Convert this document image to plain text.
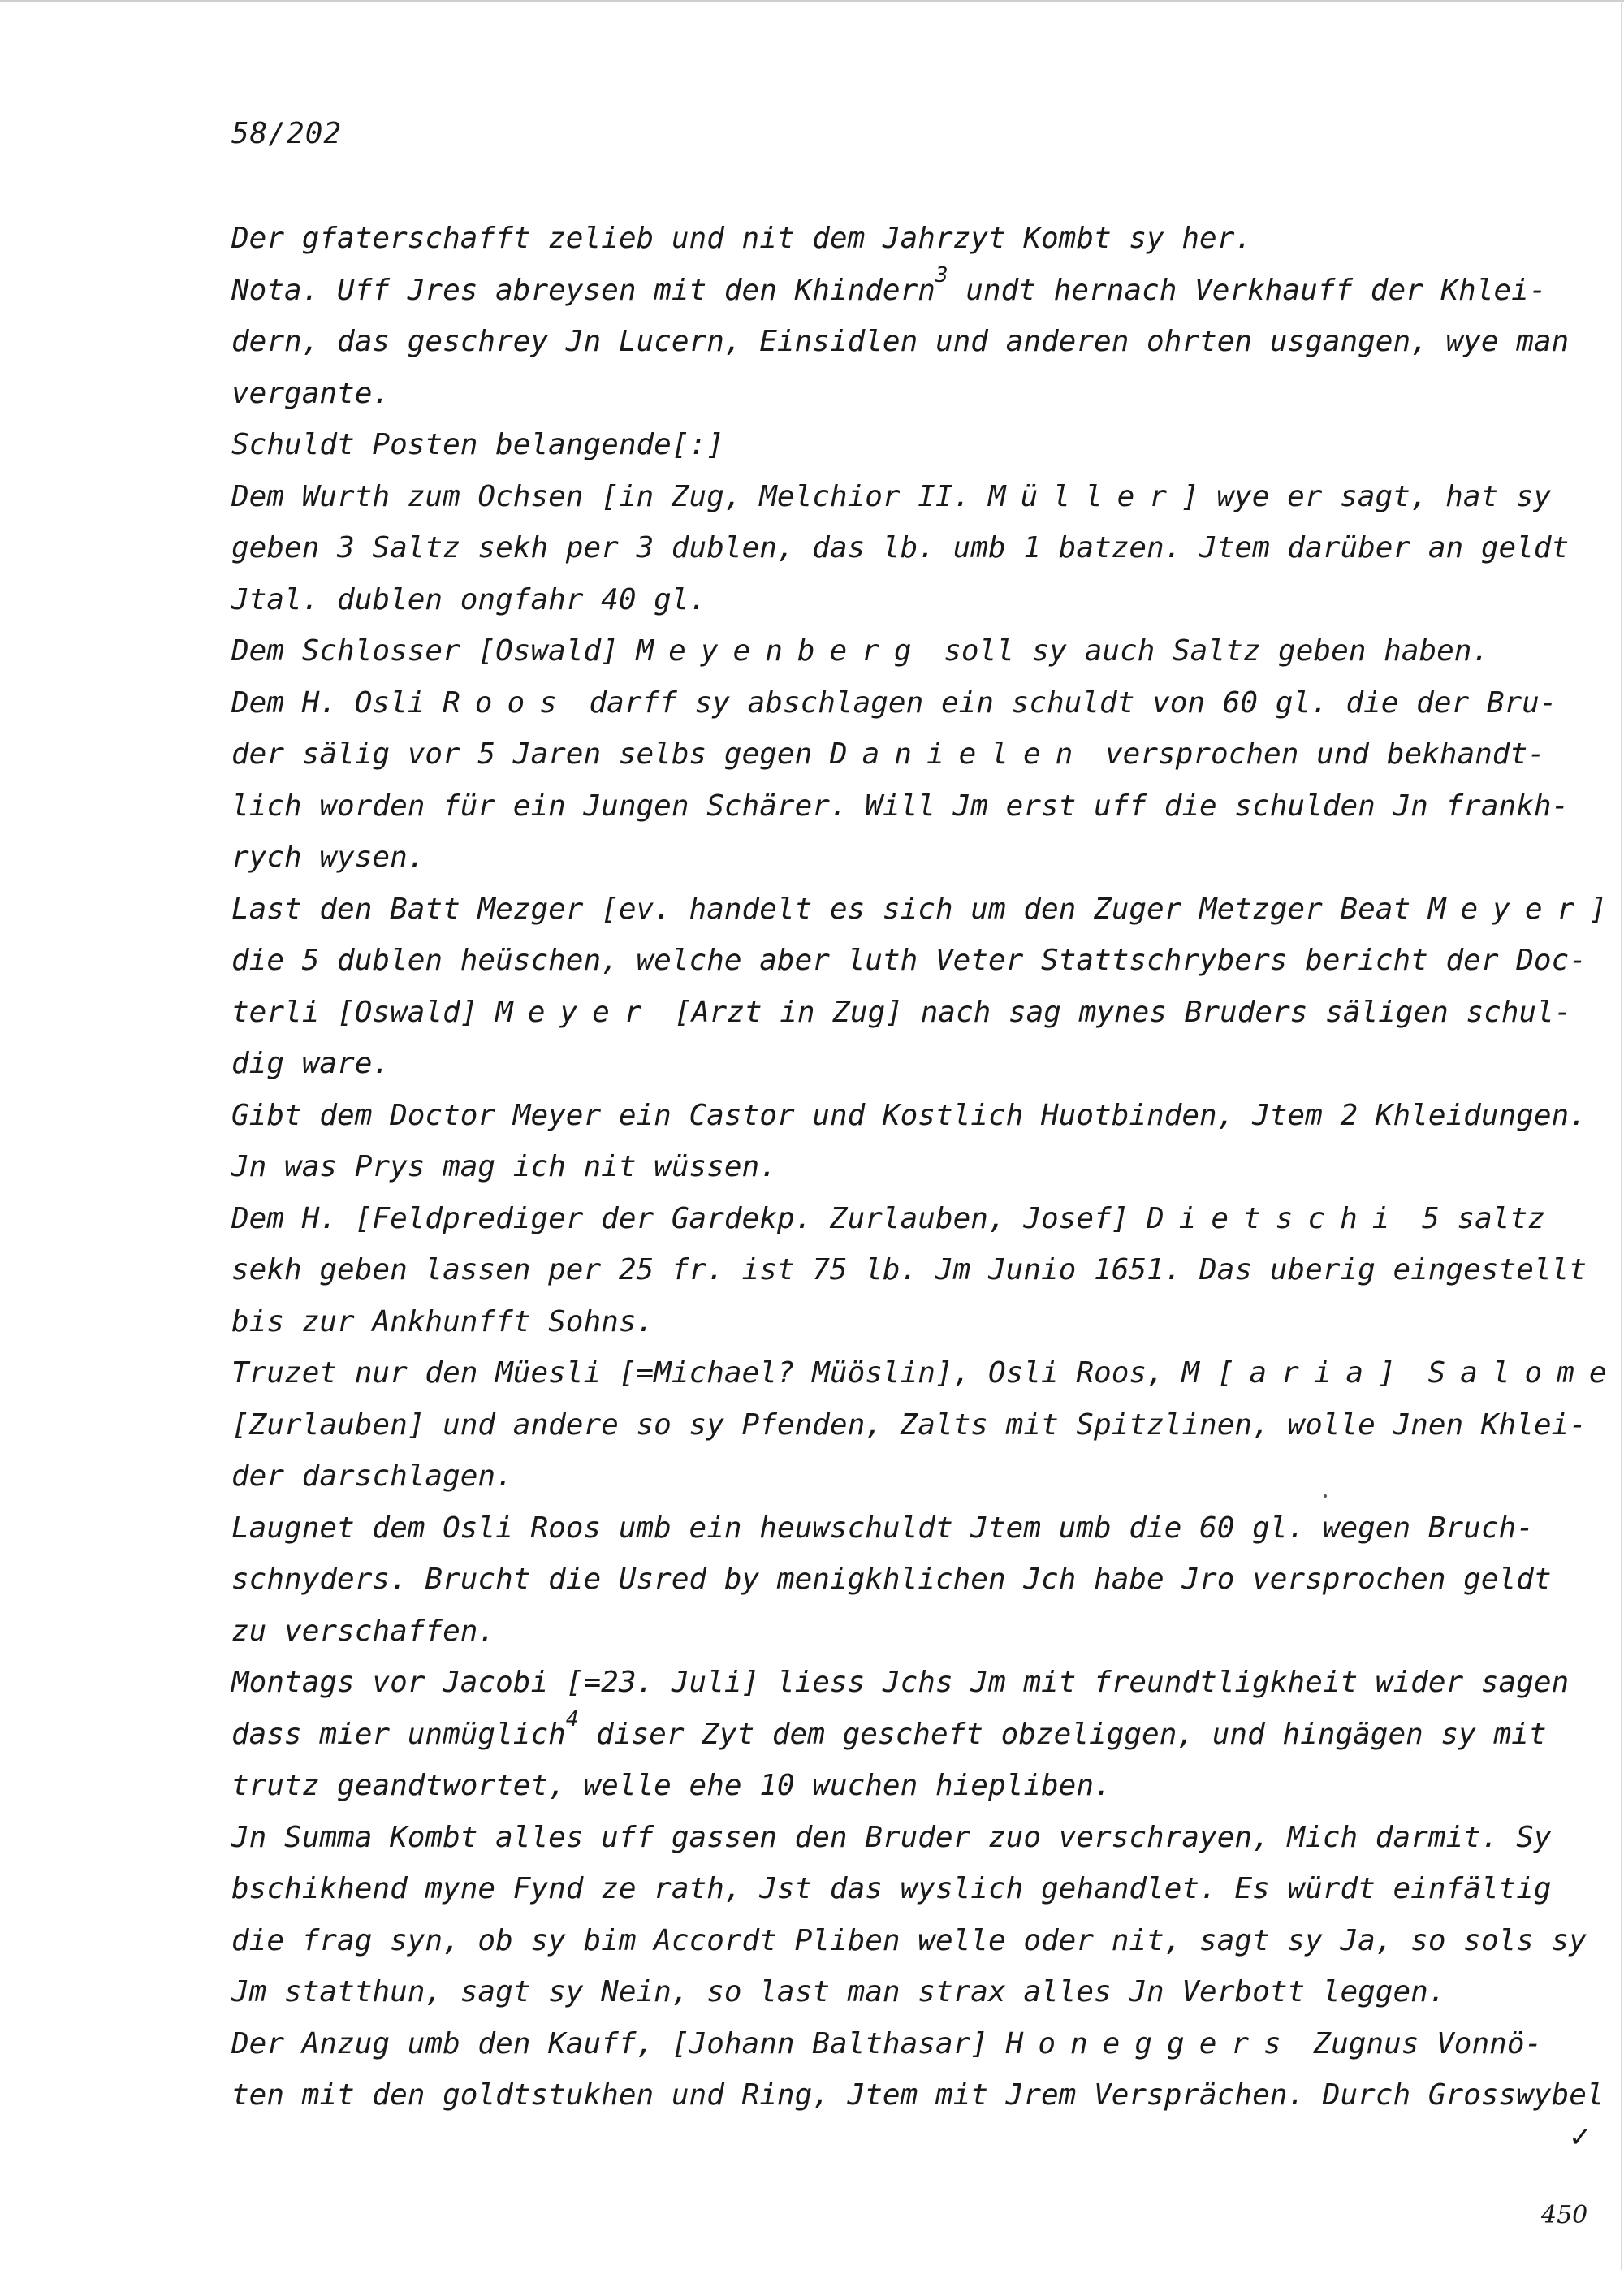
58/202
Der gfaterschafft zelieb und nit dem Jahrzyt Kombt sy her.
Nota. Uff Jres abreysen mit den Khindern$^3$ undt hernach Verkhauff der Khlei-
dern, das geschrey Jn Lucern, Einsidlen und anderen ohrten usgangen, wye man
vergante.
Schuldt Posten belangende[:]
Dem Wurth zum Ochsen [in Zug, Melchior II. Müller] wye er sagt, hat sy
geben 3 Saltz sekh per 3 dublen, das lb. umb 1 batzen. Jtem darüber an geldt
Jtal. dublen ongfahr 40 gl.
Dem Schlosser [Oswald] Meyenberg soll sy auch Saltz geben haben.
Dem H. Osli Roos darff sy abschlagen ein schuldt von 60 gl. die der Bru-
der sälig vor 5 Jaren selbs gegen Danielen versprochen und bekhandt-
lich worden für ein Jungen Schärer. Will Jm erst uff die schulden Jn frankh-
rych wysen.
Last den Batt Mezger [ev. handelt es sich um den Zuger Metzger Beat Meyer]
die 5 dublen heüschen, welche aber luth Veter Stattschrybers bericht der Doc-
terli [Oswald] Meyer [Arzt in Zug] nach sag mynes Bruders säligen schul-
dig ware.
Gibt dem Doctor Meyer ein Castor und Kostlich Huotbinden, Jtem 2 Khleidungen.
Jn was Prys mag ich nit wüssen.
Dem H. [Feldprediger der Gardekp. Zurlauben, Josef] Dietschi 5 saltz
sekh geben lassen per 25 fr. ist 75 lb. Jm Junio 1651. Das uberig eingestellt
bis zur Ankhunfft Sohns.
Truzet nur den Müesli [=Michael? Müöslin], Osli Roos, M [aria] Salome
[Zurlauben] und andere so sy Pfenden, Zalts mit Spitzlinen, wolle Jnen Khlei-
der darschlagen.
Laugnet dem Osli Roos umb ein heuwschuldt Jtem umb die 60 gl. wegen Bruch-
schnyders. Brucht die Usred by menigkhlichen Jch habe Jro versprochen geldt
zu verschaffen.
Montags vor Jacobi [=23. Juli] liess Jchs Jm mit freundtligkheit wider sagen
dass mier unmüglich$^4$ diser Zyt dem gescheft obzeliggen, und hingägen sy mit
trutz geandtwortet, welle ehe 10 wuchen hiepliben.
Jn Summa Kombt alles uff gassen den Bruder zuo verschrayen, Mich darmit. Sy
bschikhend myne Fynd ze rath, Jst das wyslich gehandlet. Es würdt einfältig
die frag syn, ob sy bim Accordt Pliben welle oder nit, sagt sy Ja, so sols sy
Jm statthun, sagt sy Nein, so last man strax alles Jn Verbott leggen.
Der Anzug umb den Kauff, [Johann Balthasar] Honeggers Zugnus Vonnö-
ten mit den goldtstukhen und Ring, Jtem mit Jrem Versprächen. Durch Grosswybel
✓
450
